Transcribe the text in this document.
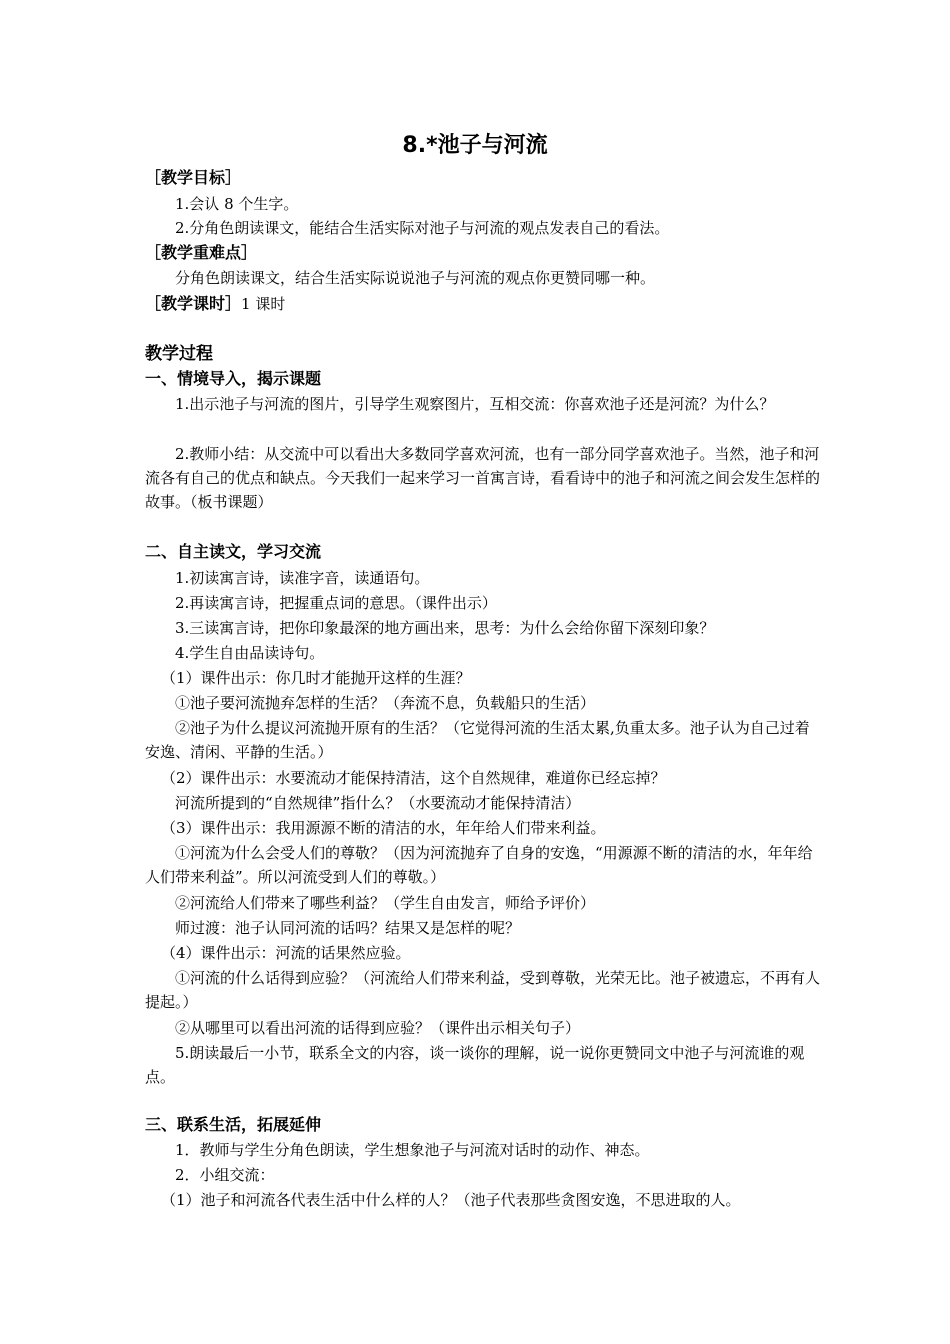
8.*池子与河流
［教学目标］
1.会认 8 个生字。
2.分角色朗读课文，能结合生活实际对池子与河流的观点发表自己的看法。
［教学重难点］
分角色朗读课文，结合生活实际说说池子与河流的观点你更赞同哪一种。
［教学课时］1 课时
教学过程
一、情境导入，揭示课题
1.出示池子与河流的图片，引导学生观察图片，互相交流：你喜欢池子还是河流？为什么？
2.教师小结：从交流中可以看出大多数同学喜欢河流，也有一部分同学喜欢池子。当然，池子和河流各有自己的优点和缺点。今天我们一起来学习一首寓言诗，看看诗中的池子和河流之间会发生怎样的故事。（板书课题）
二、自主读文，学习交流
1.初读寓言诗，读准字音，读通语句。
2.再读寓言诗，把握重点词的意思。（课件出示）
3.三读寓言诗，把你印象最深的地方画出来，思考：为什么会给你留下深刻印象？
4.学生自由品读诗句。
（1）课件出示：你几时才能抛开这样的生涯？
①池子要河流抛弃怎样的生活？（奔流不息，负载船只的生活）
②池子为什么提议河流抛开原有的生活？（它觉得河流的生活太累,负重太多。池子认为自己过着安逸、清闲、平静的生活。）
（2）课件出示：水要流动才能保持清洁，这个自然规律，难道你已经忘掉？
河流所提到的“自然规律”指什么？（水要流动才能保持清洁）
（3）课件出示：我用源源不断的清洁的水，年年给人们带来利益。
①河流为什么会受人们的尊敬？（因为河流抛弃了自身的安逸，“用源源不断的清洁的水，年年给人们带来利益”。所以河流受到人们的尊敬。）
②河流给人们带来了哪些利益？（学生自由发言，师给予评价）
师过渡：池子认同河流的话吗？结果又是怎样的呢？
（4）课件出示：河流的话果然应验。
①河流的什么话得到应验？（河流给人们带来利益，受到尊敬，光荣无比。池子被遗忘，不再有人提起。）
②从哪里可以看出河流的话得到应验？（课件出示相关句子）
5.朗读最后一小节，联系全文的内容，谈一谈你的理解，说一说你更赞同文中池子与河流谁的观点。
三、联系生活，拓展延伸
1．教师与学生分角色朗读，学生想象池子与河流对话时的动作、神态。
2．小组交流：
（1）池子和河流各代表生活中什么样的人？（池子代表那些贪图安逸，不思进取的人。
